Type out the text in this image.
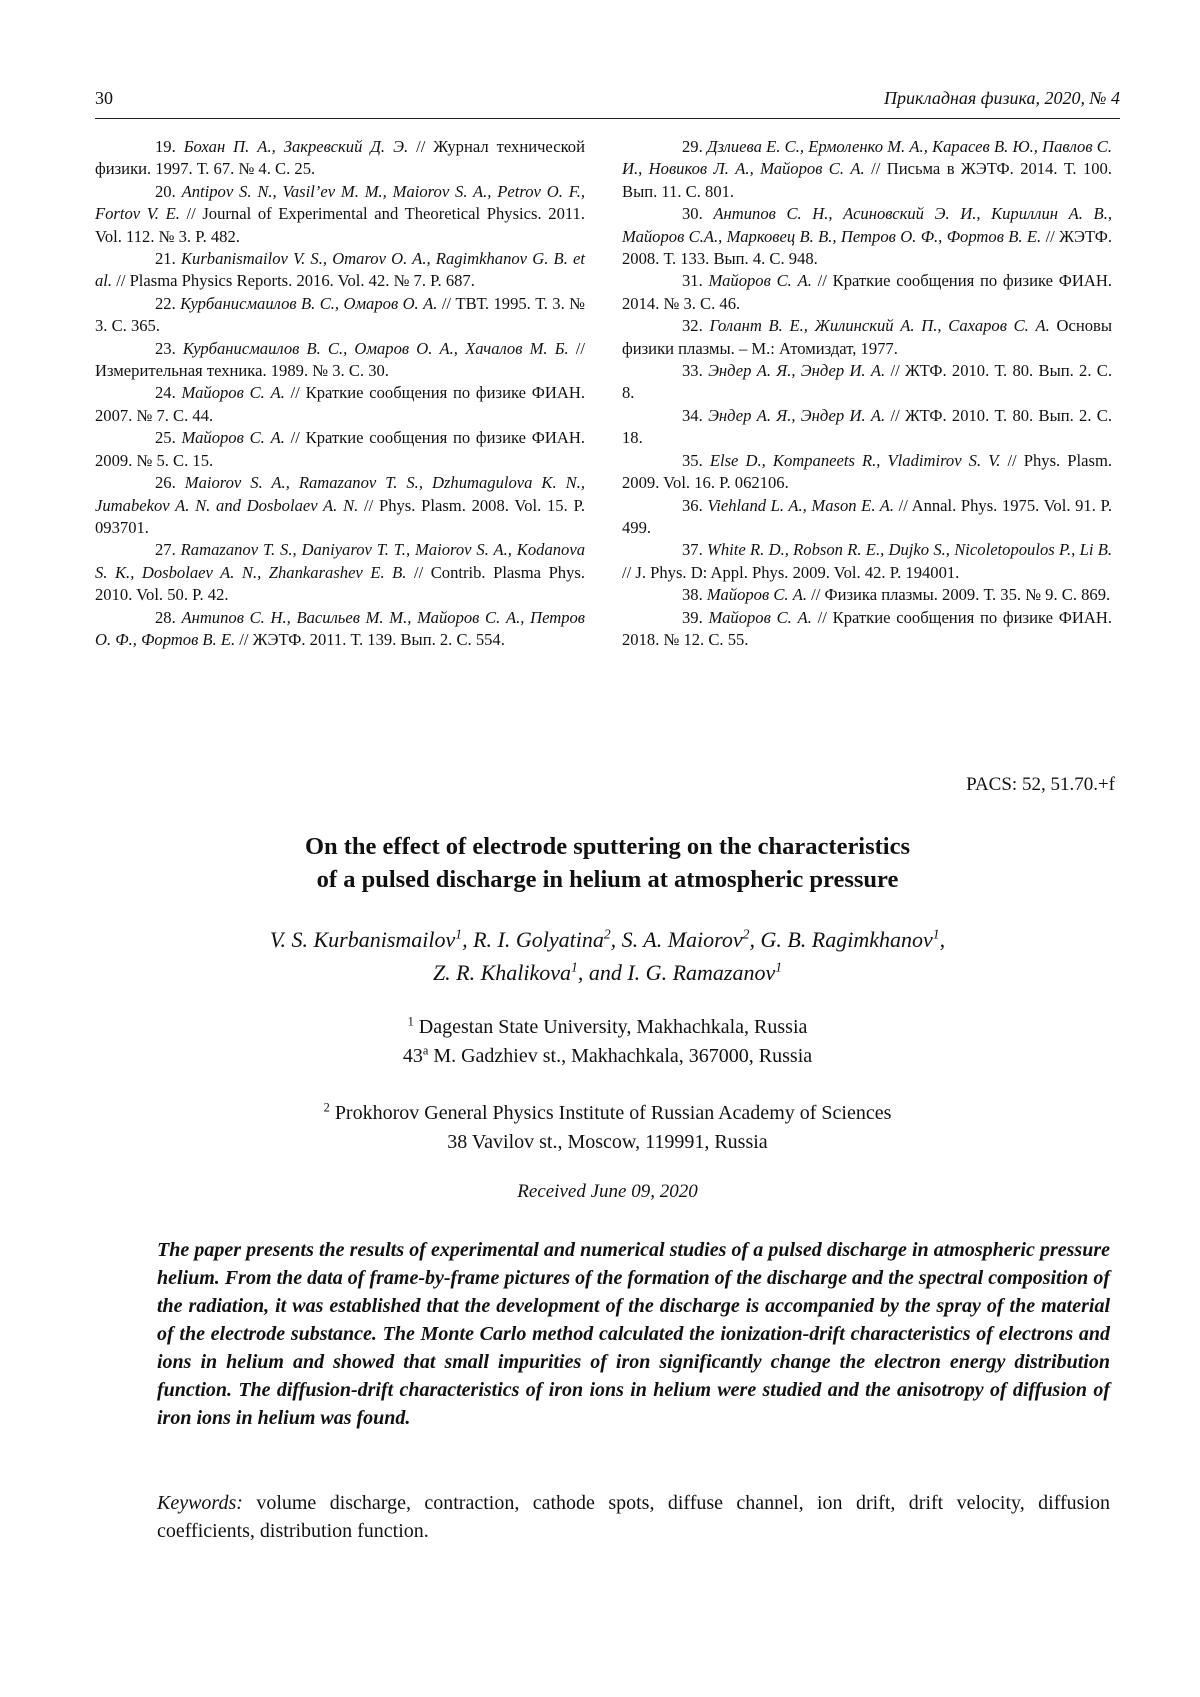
30	Прикладная физика, 2020, № 4

19. Бохан П. А., Закревский Д. Э. // Журнал технической физики. 1997. Т. 67. № 4. С. 25.

20. Antipov S. N., Vasil’ev M. M., Maiorov S. A., Petrov O. F., Fortov V. E. // Journal of Experimental and Theoretical Physics. 2011. Vol. 112. № 3. P. 482.

21. Kurbanismailov V. S., Omarov O. A., Ragimkhanov G. B. et al. // Plasma Physics Reports. 2016. Vol. 42. № 7. P. 687.

22. Курбанисмаилов В. С., Омаров О. А. // ТВТ. 1995. Т. 3. № 3. С. 365.

23. Курбанисмаилов В. С., Омаров О. А., Хачалов М. Б. // Измерительная техника. 1989. № 3. С. 30.

24. Майоров С. А. // Краткие сообщения по физике ФИАН. 2007. № 7. С. 44.

25. Майоров С. А. // Краткие сообщения по физике ФИАН. 2009. № 5. С. 15.

26. Maiorov S. A., Ramazanov T. S., Dzhumagulova K. N., Jumabekov A. N. and Dosbolaev A. N. // Phys. Plasm. 2008. Vol. 15. P. 093701.

27. Ramazanov T. S., Daniyarov T. T., Maiorov S. A., Kodanova S. K., Dosbolaev A. N., Zhankarashev E. B. // Contrib. Plasma Phys. 2010. Vol. 50. P. 42.

28. Антипов С. Н., Васильев М. М., Майоров С. А., Петров О. Ф., Фортов В. Е. // ЖЭТФ. 2011. Т. 139. Вып. 2. С. 554.

29. Дзлиева Е. С., Ермоленко М. А., Карасев В. Ю., Павлов С. И., Новиков Л. А., Майоров С. А. // Письма в ЖЭТФ. 2014. Т. 100. Вып. 11. С. 801.

30. Антипов С. Н., Асиновский Э. И., Кириллин А. В., Майоров С.А., Марковец В. В., Петров О. Ф., Фортов В. Е. // ЖЭТФ. 2008. Т. 133. Вып. 4. С. 948.

31. Майоров С. А. // Краткие сообщения по физике ФИАН. 2014. № 3. С. 46.

32. Голант В. Е., Жилинский А. П., Сахаров С. А. Основы физики плазмы. – М.: Атомиздат, 1977.

33. Эндер А. Я., Эндер И. А. // ЖТФ. 2010. Т. 80. Вып. 2. С. 8.

34. Эндер А. Я., Эндер И. А. // ЖТФ. 2010. Т. 80. Вып. 2. С. 18.

35. Else D., Kompaneets R., Vladimirov S. V. // Phys. Plasm. 2009. Vol. 16. P. 062106.

36. Viehland L. A., Mason E. A. // Annal. Phys. 1975. Vol. 91. P. 499.

37. White R. D., Robson R. E., Dujko S., Nicoletopoulos P., Li B. // J. Phys. D: Appl. Phys. 2009. Vol. 42. P. 194001.

38. Майоров С. А. // Физика плазмы. 2009. Т. 35. № 9. С. 869.

39. Майоров С. А. // Краткие сообщения по физике ФИАН. 2018. № 12. С. 55.

PACS: 52, 51.70.+f
On the effect of electrode sputtering on the characteristics
of a pulsed discharge in helium at atmospheric pressure
V. S. Kurbanismailov$^1$, R. I. Golyatina$^2$, S. A. Maiorov$^2$, G. B. Ragimkhanov$^1$,
Z. R. Khalikova$^1$, and I. G. Ramazanov$^1$
$^1$ Dagestan State University, Makhachkala, Russia
43$^a$ M. Gadzhiev st., Makhachkala, 367000, Russia
$^2$ Prokhorov General Physics Institute of Russian Academy of Sciences
38 Vavilov st., Moscow, 119991, Russia
Received June 09, 2020

The paper presents the results of experimental and numerical studies of a pulsed discharge in atmospheric pressure helium. From the data of frame-by-frame pictures of the formation of the discharge and the spectral composition of the radiation, it was established that the development of the discharge is accompanied by the spray of the material of the electrode substance. The Monte Carlo method calculated the ionization-drift characteristics of electrons and ions in helium and showed that small impurities of iron significantly change the electron energy distribution function. The diffusion-drift characteristics of iron ions in helium were studied and the anisotropy of diffusion of iron ions in helium was found.

Keywords: volume discharge, contraction, cathode spots, diffuse channel, ion drift, drift velocity, diffusion coefficients, distribution function.
